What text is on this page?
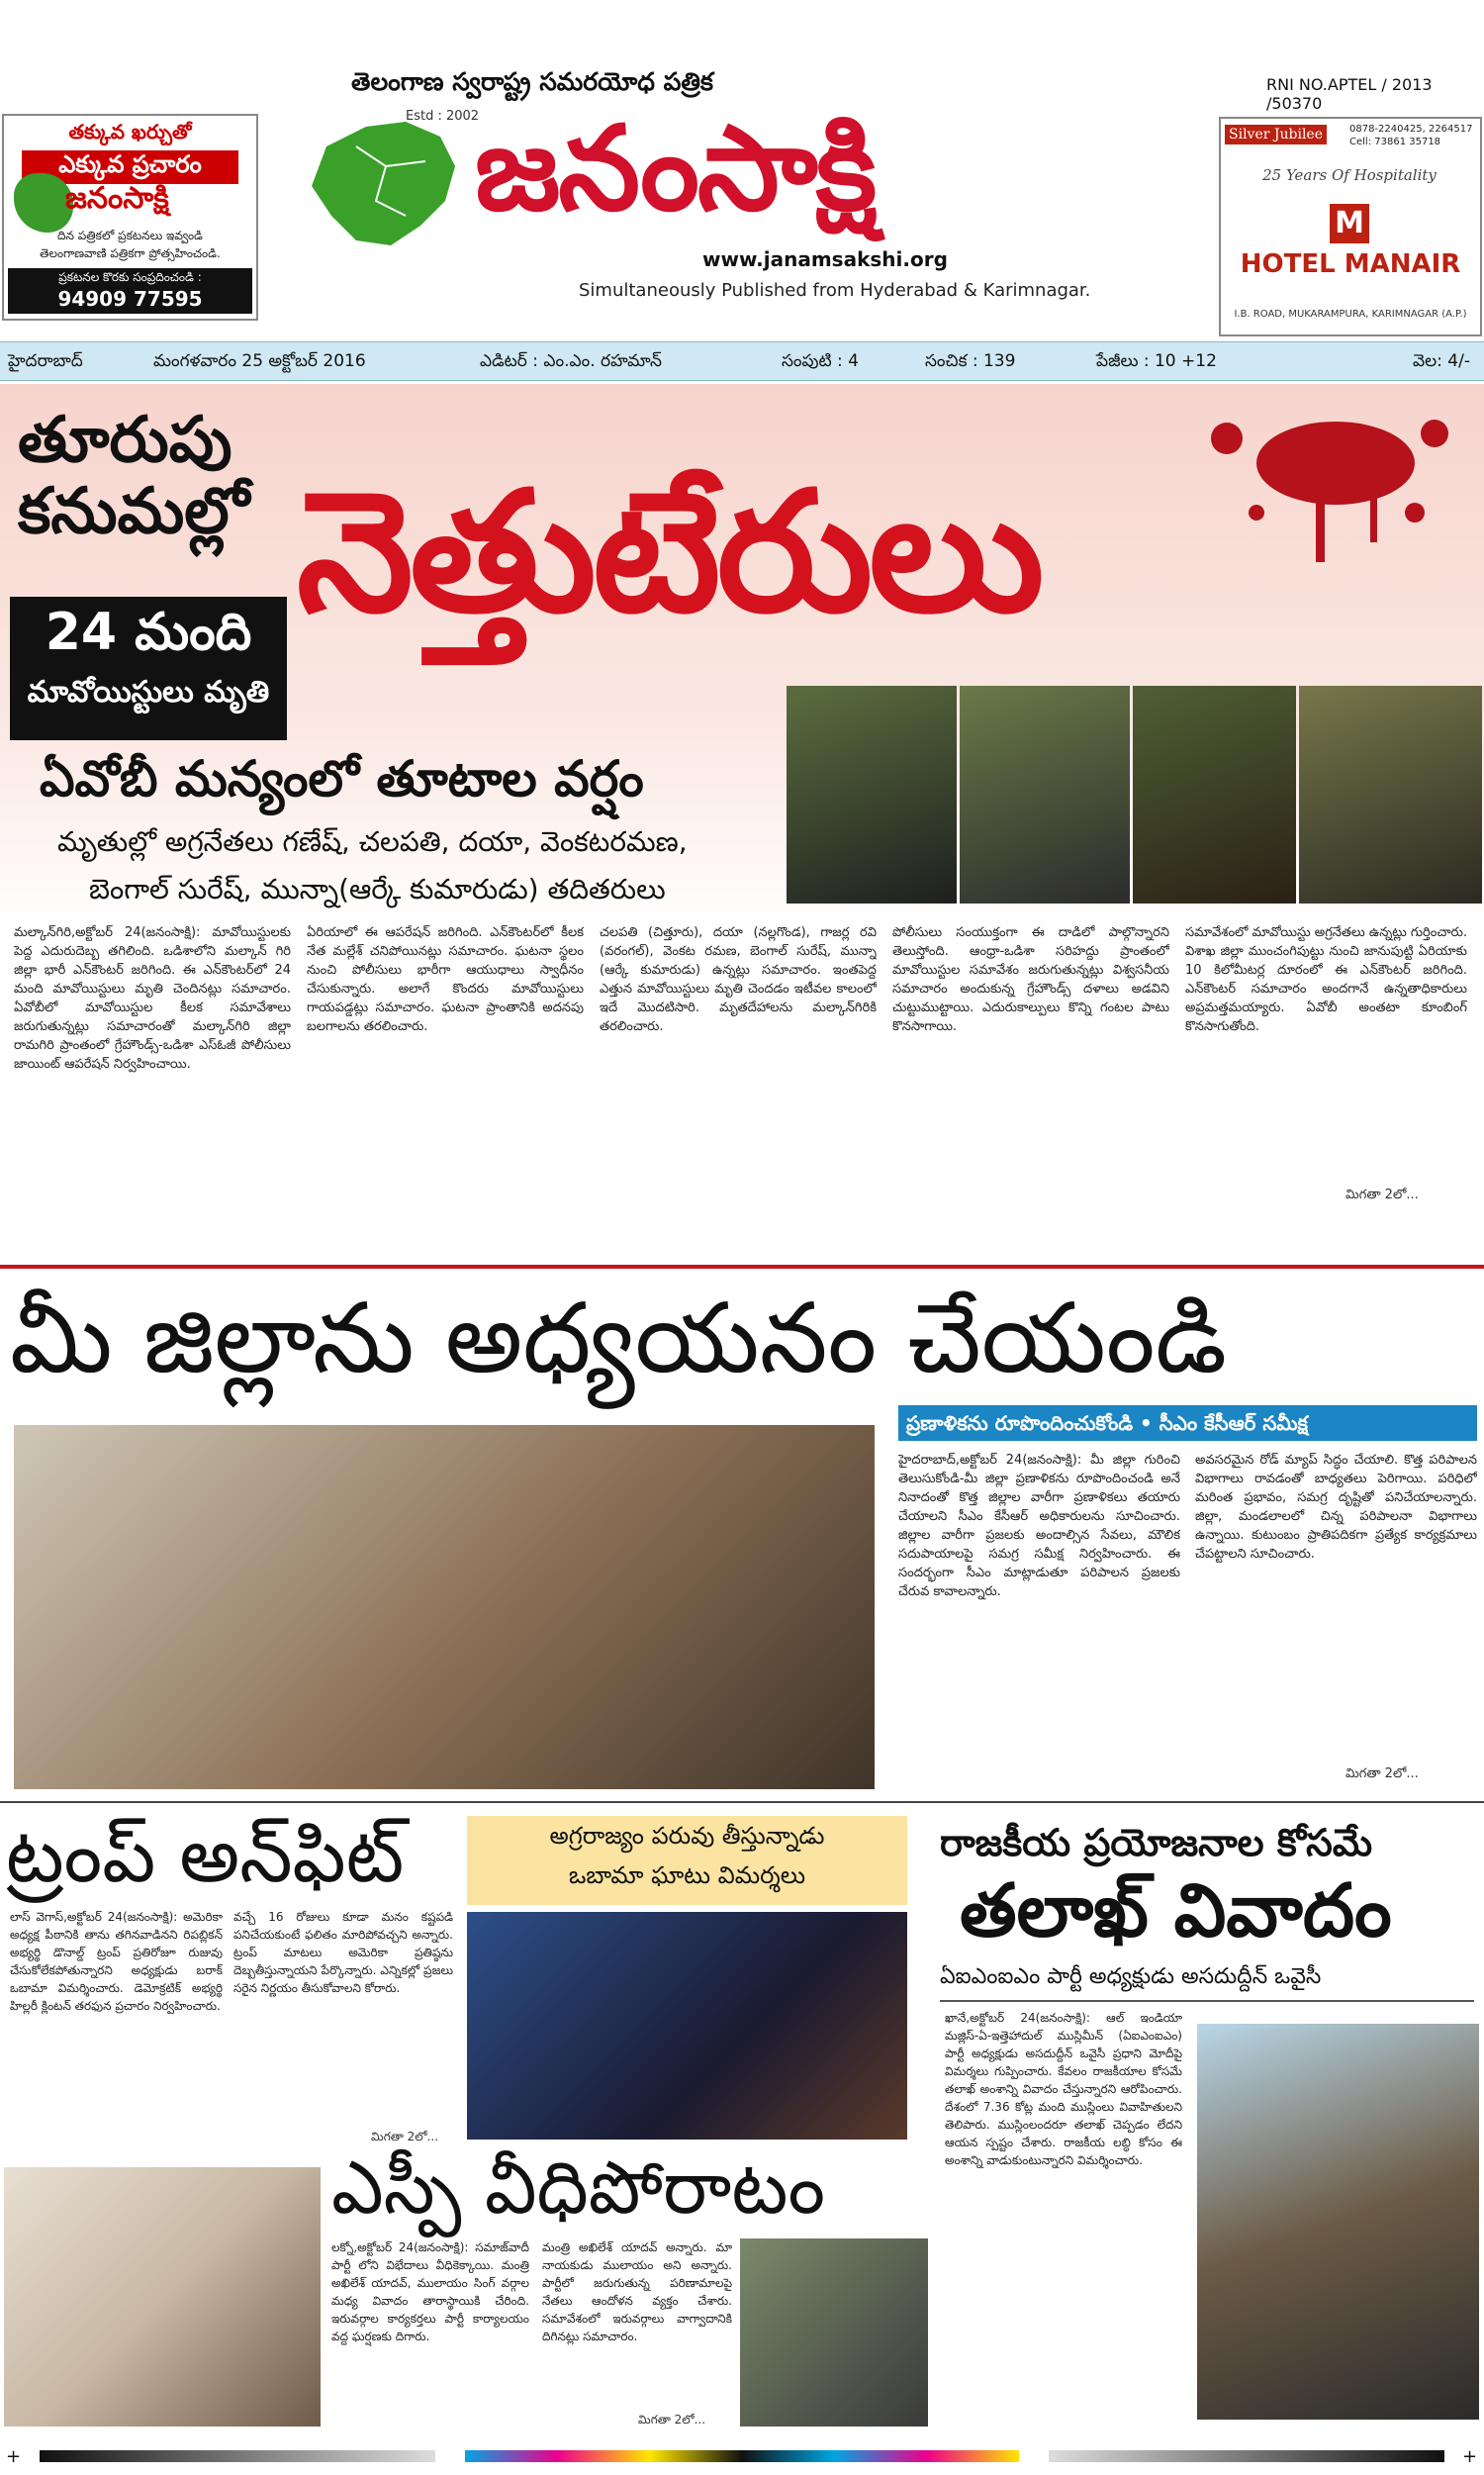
తక్కువ ఖర్చుతో
ఎక్కువ ప్రచారం
జనంసాక్షి
దిన పత్రికలో ప్రకటనలు ఇవ్వండి
తెలంగాణవాణి పత్రికగా ప్రోత్సహించండి.
ప్రకటనల కొరకు సంప్రదించండి :
94909 77595
తెలంగాణ స్వరాష్ట్ర సమరయోధ పత్రిక
Estd : 2002
జనంసాక్షి
www.janamsakshi.org
Simultaneously Published from Hyderabad & Karimnagar.
RNI NO.APTEL / 2013 /50370
Silver Jubilee	0878-2240425, 2264517 Cell: 73861 35718
25 Years Of Hospitality
M
HOTEL MANAIR
I.B. ROAD, MUKARAMPURA, KARIMNAGAR (A.P.)
హైదరాబాద్	మంగళవారం 25 అక్టోబర్ 2016	ఎడిటర్ : ఎం.ఎం. రహమాన్	సంపుటి : 4	సంచిక : 139	పేజీలు : 10 +12	వెల: 4/-
తూరుపు
కనుమల్లో నెత్తుటేరులు
24 మంది
మావోయిస్టులు మృతి
ఏవోబీ మన్యంలో తూటాల వర్షం
మృతుల్లో అగ్రనేతలు గణేష్, చలపతి, దయా, వెంకటరమణ,
బెంగాల్ సురేష్, మున్నా(ఆర్కే కుమారుడు) తదితరులు
మల్కాన్‌గిరి,అక్టోబర్ 24(జనంసాక్షి): మావోయిస్టులకు పెద్ద ఎదురుదెబ్బ తగిలింది. ఒడిశాలోని మల్కాన్ గిరి జిల్లా భారీ ఎన్‌కౌంటర్ జరిగింది. ఈ ఎన్‌కౌంటర్‌లో 24 మంది మావోయిస్టులు మృతి చెందినట్లు సమాచారం. ఏవోబీలో మావోయిస్టుల కీలక సమావేశాలు జరుగుతున్నట్లు సమాచారంతో మల్కాన్‌గిరి జిల్లా రామగిరి ప్రాంతంలో గ్రేహౌండ్స్-ఒడిశా ఎస్‌ఓజీ పోలీసులు జాయింట్ ఆపరేషన్ నిర్వహించాయి.
ఏరియాలో ఈ ఆపరేషన్ జరిగింది. ఎన్‌కౌంటర్‌లో కీలక నేత మల్లేశ్ చనిపోయినట్లు సమాచారం. ఘటనా స్థలం నుంచి పోలీసులు భారీగా ఆయుధాలు స్వాధీనం చేసుకున్నారు. అలాగే కొందరు మావోయిస్టులు గాయపడ్డట్లు సమాచారం. ఘటనా ప్రాంతానికి అదనపు బలగాలను తరలించారు.
చలపతి (చిత్తూరు), దయా (నల్లగొండ), గాజర్ల రవి (వరంగల్), వెంకట రమణ, బెంగాల్ సురేష్, మున్నా (ఆర్కే కుమారుడు) ఉన్నట్లు సమాచారం. ఇంతపెద్ద ఎత్తున మావోయిస్టులు మృతి చెందడం ఇటీవల కాలంలో ఇదే మొదటిసారి. మృతదేహాలను మల్కాన్‌గిరికి తరలించారు.
పోలీసులు సంయుక్తంగా ఈ దాడిలో పాల్గొన్నారని తెలుస్తోంది. ఆంధ్రా-ఒడిశా సరిహద్దు ప్రాంతంలో మావోయిస్టుల సమావేశం జరుగుతున్నట్లు విశ్వసనీయ సమాచారం అందుకున్న గ్రేహౌండ్స్ దళాలు అడవిని చుట్టుముట్టాయి. ఎదురుకాల్పులు కొన్ని గంటల పాటు కొనసాగాయి.
సమావేశంలో మావోయిస్టు అగ్రనేతలు ఉన్నట్లు గుర్తించారు. విశాఖ జిల్లా ముంచంగిపుట్టు నుంచి జానుపుట్టి ఏరియాకు 10 కిలోమీటర్ల దూరంలో ఈ ఎన్‌కౌంటర్ జరిగింది. ఎన్‌కౌంటర్ సమాచారం అందగానే ఉన్నతాధికారులు అప్రమత్తమయ్యారు. ఏవోబీ అంతటా కూంబింగ్ కొనసాగుతోంది.
మిగతా 2లో...
మీ జిల్లాను అధ్యయనం చేయండి
ప్రణాళికను రూపొందించుకోండి • సీఎం కేసీఆర్ సమీక్ష
హైదరాబాద్,అక్టోబర్ 24(జనంసాక్షి): మీ జిల్లా గురించి తెలుసుకోండి-మీ జిల్లా ప్రణాళికను రూపొందించండి అనే నినాదంతో కొత్త జిల్లాల వారీగా ప్రణాళికలు తయారు చేయాలని సీఎం కేసీఆర్ అధికారులను సూచించారు. జిల్లాల వారీగా ప్రజలకు అందాల్సిన సేవలు, మౌలిక సదుపాయాలపై సమగ్ర సమీక్ష నిర్వహించారు. ఈ సందర్భంగా సీఎం మాట్లాడుతూ పరిపాలన ప్రజలకు చేరువ కావాలన్నారు.
అవసరమైన రోడ్ మ్యాప్ సిద్ధం చేయాలి. కొత్త పరిపాలన విభాగాలు రావడంతో బాధ్యతలు పెరిగాయి. పరిధిలో మరింత ప్రభావం, సమగ్ర దృష్టితో పనిచేయాలన్నారు. జిల్లా, మండలాలలో చిన్న పరిపాలనా విభాగాలు ఉన్నాయి. కుటుంబం ప్రాతిపదికగా ప్రత్యేక కార్యక్రమాలు చేపట్టాలని సూచించారు.
మిగతా 2లో...
ట్రంప్ అన్‌ఫిట్	అగ్రరాజ్యం పరువు తీస్తున్నాడు
ఒబామా ఘాటు విమర్శలు
లాస్ వెగాస్,అక్టోబర్ 24(జనంసాక్షి): అమెరికా అధ్యక్ష పీఠానికి తాను తగినవాడినని రిపబ్లికన్ అభ్యర్థి డొనాల్డ్ ట్రంప్ ప్రతిరోజూ రుజువు చేసుకోలేకపోతున్నారని అధ్యక్షుడు బరాక్ ఒబామా విమర్శించారు. డెమోక్రటిక్ అభ్యర్థి హిల్లరీ క్లింటన్ తరఫున ప్రచారం నిర్వహించారు.
వచ్చే 16 రోజులు కూడా మనం కష్టపడి పనిచేయకుంటే ఫలితం మారిపోవచ్చని అన్నారు. ట్రంప్ మాటలు అమెరికా ప్రతిష్ఠను దెబ్బతీస్తున్నాయని పేర్కొన్నారు. ఎన్నికల్లో ప్రజలు సరైన నిర్ణయం తీసుకోవాలని కోరారు.
మిగతా 2లో...
రాజకీయ ప్రయోజనాల కోసమే
తలాఖ్ వివాదం
ఏఐఎంఐఎం పార్టీ అధ్యక్షుడు అసదుద్దీన్ ఒవైసీ
ఖానే,అక్టోబర్ 24(జనంసాక్షి): ఆల్ ఇండియా మజ్లిస్-ఏ-ఇత్తెహాదుల్ ముస్లిమీన్ (ఏఐఎంఐఎం) పార్టీ అధ్యక్షుడు అసదుద్దీన్ ఒవైసీ ప్రధాని మోదీపై విమర్శలు గుప్పించారు. కేవలం రాజకీయాల కోసమే తలాఖ్ అంశాన్ని వివాదం చేస్తున్నారని ఆరోపించారు. దేశంలో 7.36 కోట్ల మంది ముస్లింలు వివాహితులని తెలిపారు. ముస్లింలందరూ తలాఖ్ చెప్పడం లేదని ఆయన స్పష్టం చేశారు. రాజకీయ లబ్ధి కోసం ఈ అంశాన్ని వాడుకుంటున్నారని విమర్శించారు.
ఎస్పీ వీధిపోరాటం
లక్నో,అక్టోబర్ 24(జనంసాక్షి): సమాజ్‌వాదీ పార్టీ లోని విభేదాలు వీధికెక్కాయి. మంత్రి అఖిలేశ్ యాదవ్, ములాయం సింగ్ వర్గాల మధ్య వివాదం తారాస్థాయికి చేరింది. ఇరువర్గాల కార్యకర్తలు పార్టీ కార్యాలయం వద్ద ఘర్షణకు దిగారు.
మంత్రి అఖిలేశ్ యాదవ్ అన్నారు. మా నాయకుడు ములాయం అని అన్నారు. పార్టీలో జరుగుతున్న పరిణామాలపై నేతలు ఆందోళన వ్యక్తం చేశారు. సమావేశంలో ఇరువర్గాలు వాగ్వాదానికి దిగినట్లు సమాచారం.
మిగతా 2లో...
+	+
